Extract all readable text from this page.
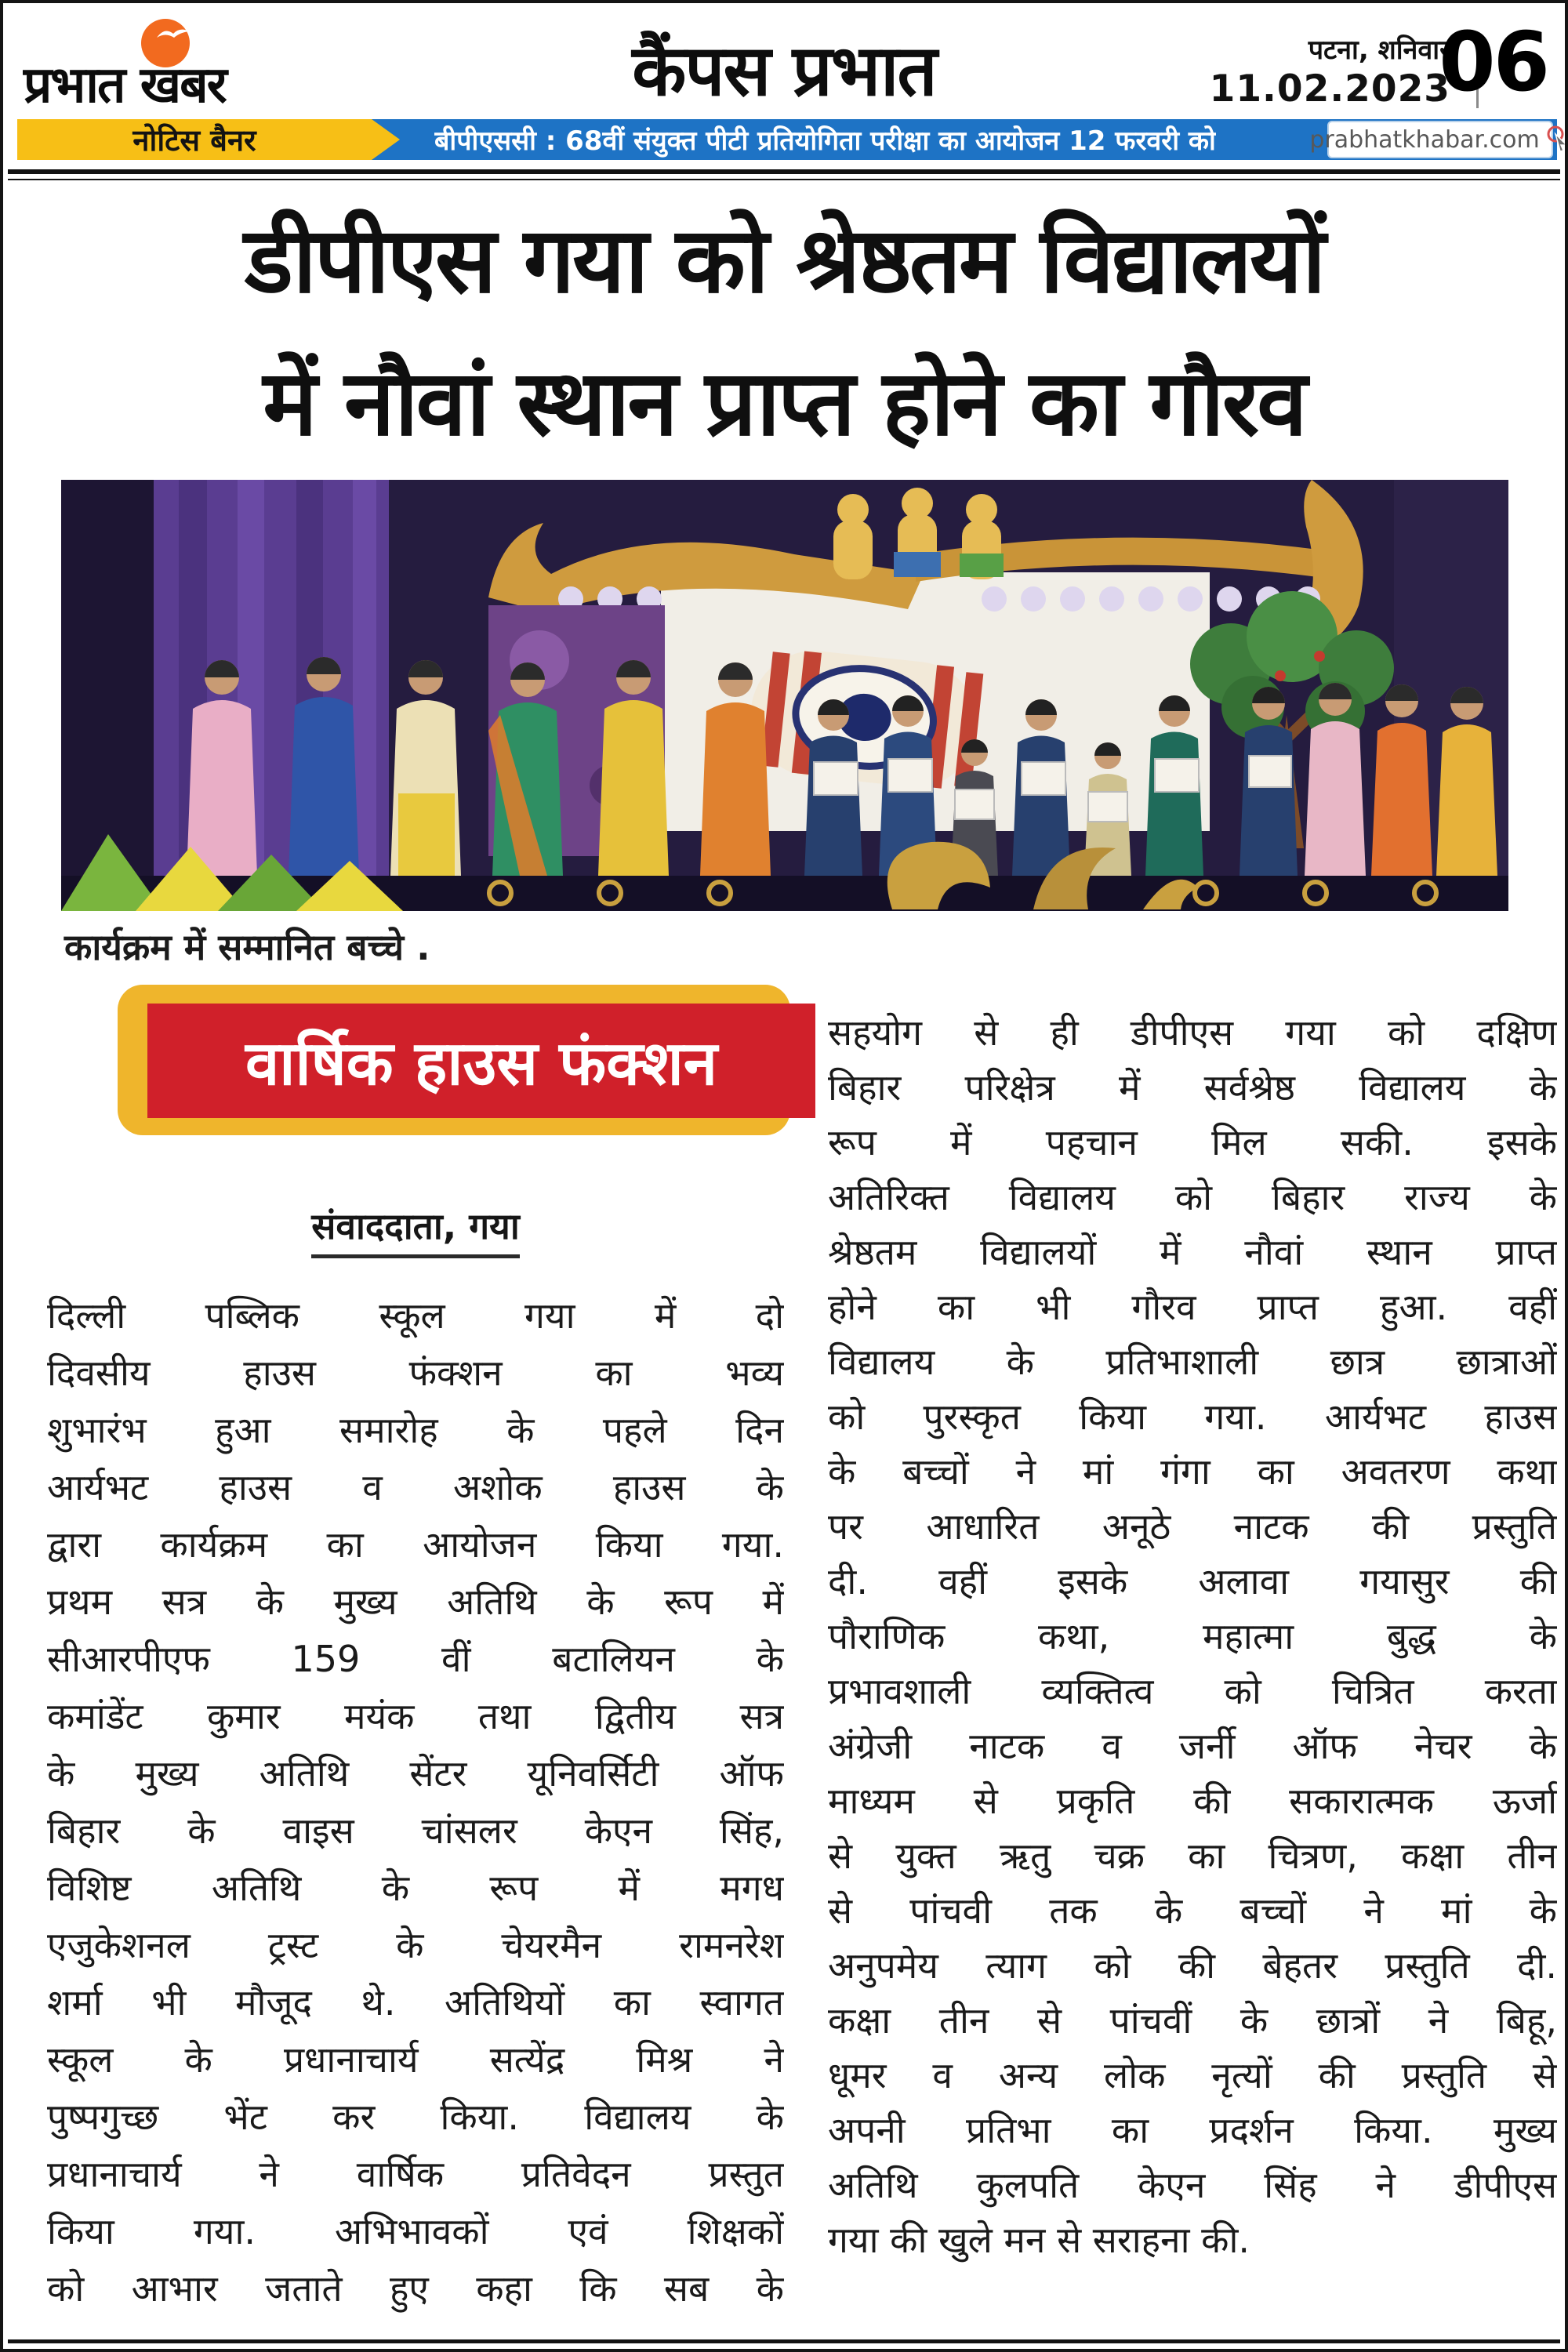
प्रभात खबर	कैंपस प्रभात	पटना, शनिवार
11.02.2023
06
बीपीएससी : 68वीं संयुक्त पीटी प्रतियोगिता परीक्षा का आयोजन 12 फरवरी को	prabhatkhabar.com
नोटिस बैनर
डीपीएस गया को श्रेष्ठतम विद्यालयों
में नौवां स्थान प्राप्त होने का गौरव
कार्यक्रम में सम्मानित बच्चे .
वार्षिक हाउस फंक्शन
संवाददाता, गया
दिल्ली पब्लिक स्कूल गया में दो
दिवसीय हाउस फंक्शन का भव्य
शुभारंभ हुआ समारोह के पहले दिन
आर्यभट हाउस व अशोक हाउस के
द्वारा कार्यक्रम का आयोजन किया गया.
प्रथम सत्र के मुख्य अतिथि के रूप में
सीआरपीएफ 159 वीं बटालियन के
कमांडेंट कुमार मयंक तथा द्वितीय सत्र
के मुख्य अतिथि सेंटर यूनिवर्सिटी ऑफ
बिहार के वाइस चांसलर केएन सिंह,
विशिष्ट अतिथि के रूप में मगध
एजुकेशनल ट्रस्ट के चेयरमैन रामनरेश
शर्मा भी मौजूद थे. अतिथियों का स्वागत
स्कूल के प्रधानाचार्य सत्येंद्र मिश्र ने
पुष्पगुच्छ भेंट कर किया. विद्यालय के
प्रधानाचार्य ने वार्षिक प्रतिवेदन प्रस्तुत
किया गया. अभिभावकों एवं शिक्षकों
को आभार जताते हुए कहा कि सब के
सहयोग से ही डीपीएस गया को दक्षिण
बिहार परिक्षेत्र में सर्वश्रेष्ठ विद्यालय के
रूप में पहचान मिल सकी. इसके
अतिरिक्त विद्यालय को बिहार राज्य के
श्रेष्ठतम विद्यालयों में नौवां स्थान प्राप्त
होने का भी गौरव प्राप्त हुआ. वहीं
विद्यालय के प्रतिभाशाली छात्र छात्राओं
को पुरस्कृत किया गया. आर्यभट हाउस
के बच्चों ने मां गंगा का अवतरण कथा
पर आधारित अनूठे नाटक की प्रस्तुति
दी. वहीं इसके अलावा गयासुर की
पौराणिक कथा, महात्मा बुद्ध के
प्रभावशाली व्यक्तित्व को चित्रित करता
अंग्रेजी नाटक व जर्नी ऑफ नेचर के
माध्यम से प्रकृति की सकारात्मक ऊर्जा
से युक्त ऋतु चक्र का चित्रण, कक्षा तीन
से पांचवी तक के बच्चों ने मां के
अनुपमेय त्याग को की बेहतर प्रस्तुति दी.
कक्षा तीन से पांचवीं के छात्रों ने बिहू,
धूमर व अन्य लोक नृत्यों की प्रस्तुति से
अपनी प्रतिभा का प्रदर्शन किया. मुख्य
अतिथि कुलपति केएन सिंह ने डीपीएस
गया की खुले मन से सराहना की.
